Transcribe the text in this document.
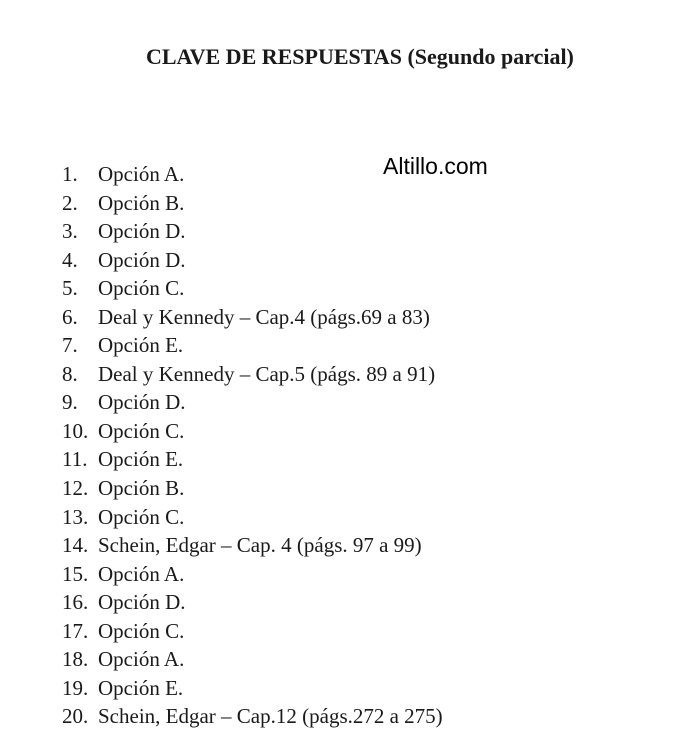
CLAVE DE RESPUESTAS (Segundo parcial)
Altillo.com
1. Opción A.
2. Opción B.
3. Opción D.
4. Opción D.
5. Opción C.
6. Deal y Kennedy – Cap.4 (págs.69 a 83)
7. Opción E.
8. Deal y Kennedy – Cap.5 (págs. 89 a 91)
9. Opción D.
10. Opción C.
11. Opción E.
12. Opción B.
13. Opción C.
14. Schein, Edgar – Cap. 4 (págs. 97 a 99)
15. Opción A.
16. Opción D.
17. Opción C.
18. Opción A.
19. Opción E.
20. Schein, Edgar – Cap.12 (págs.272 a 275)
